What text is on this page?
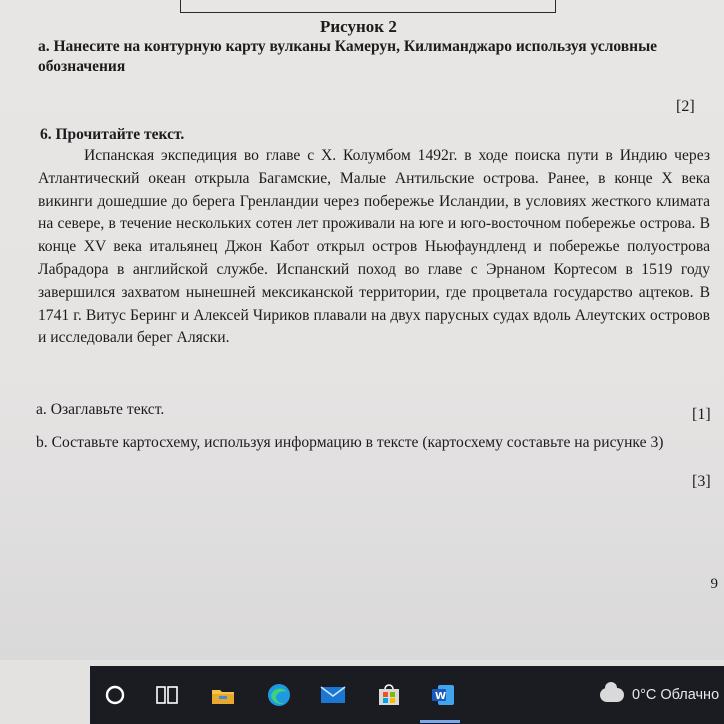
Рисунок 2
a. Нанесите на контурную карту вулканы Камерун, Килиманджаро используя условные обозначения
[2]
6. Прочитайте текст.
Испанская экспедиция во главе с Х. Колумбом 1492г. в ходе поиска пути в Индию через Атлантический океан открыла Багамские, Малые Антильские острова. Ранее, в конце X века викинги дошедшие до берега Гренландии через побережье Исландии, в условиях жесткого климата на севере, в течение нескольких сотен лет проживали на юге и юго-восточном побережье острова. В конце XV века итальянец Джон Кабот открыл остров Ньюфаундленд и побережье полуострова Лабрадора в английской службе. Испанский поход во главе с Эрнаном Кортесом в 1519 году завершился захватом нынешней мексиканской территории, где процветала государство ацтеков. В 1741 г. Витус Беринг и Алексей Чириков плавали на двух парусных судах вдоль Алеутских островов и исследовали берег Аляски.
a. Озаглавьте текст.	[1]
b. Составьте картосхему, используя информацию в тексте (картосхему составьте на рисунке 3)
[3]
9
W	0°C Облачно
